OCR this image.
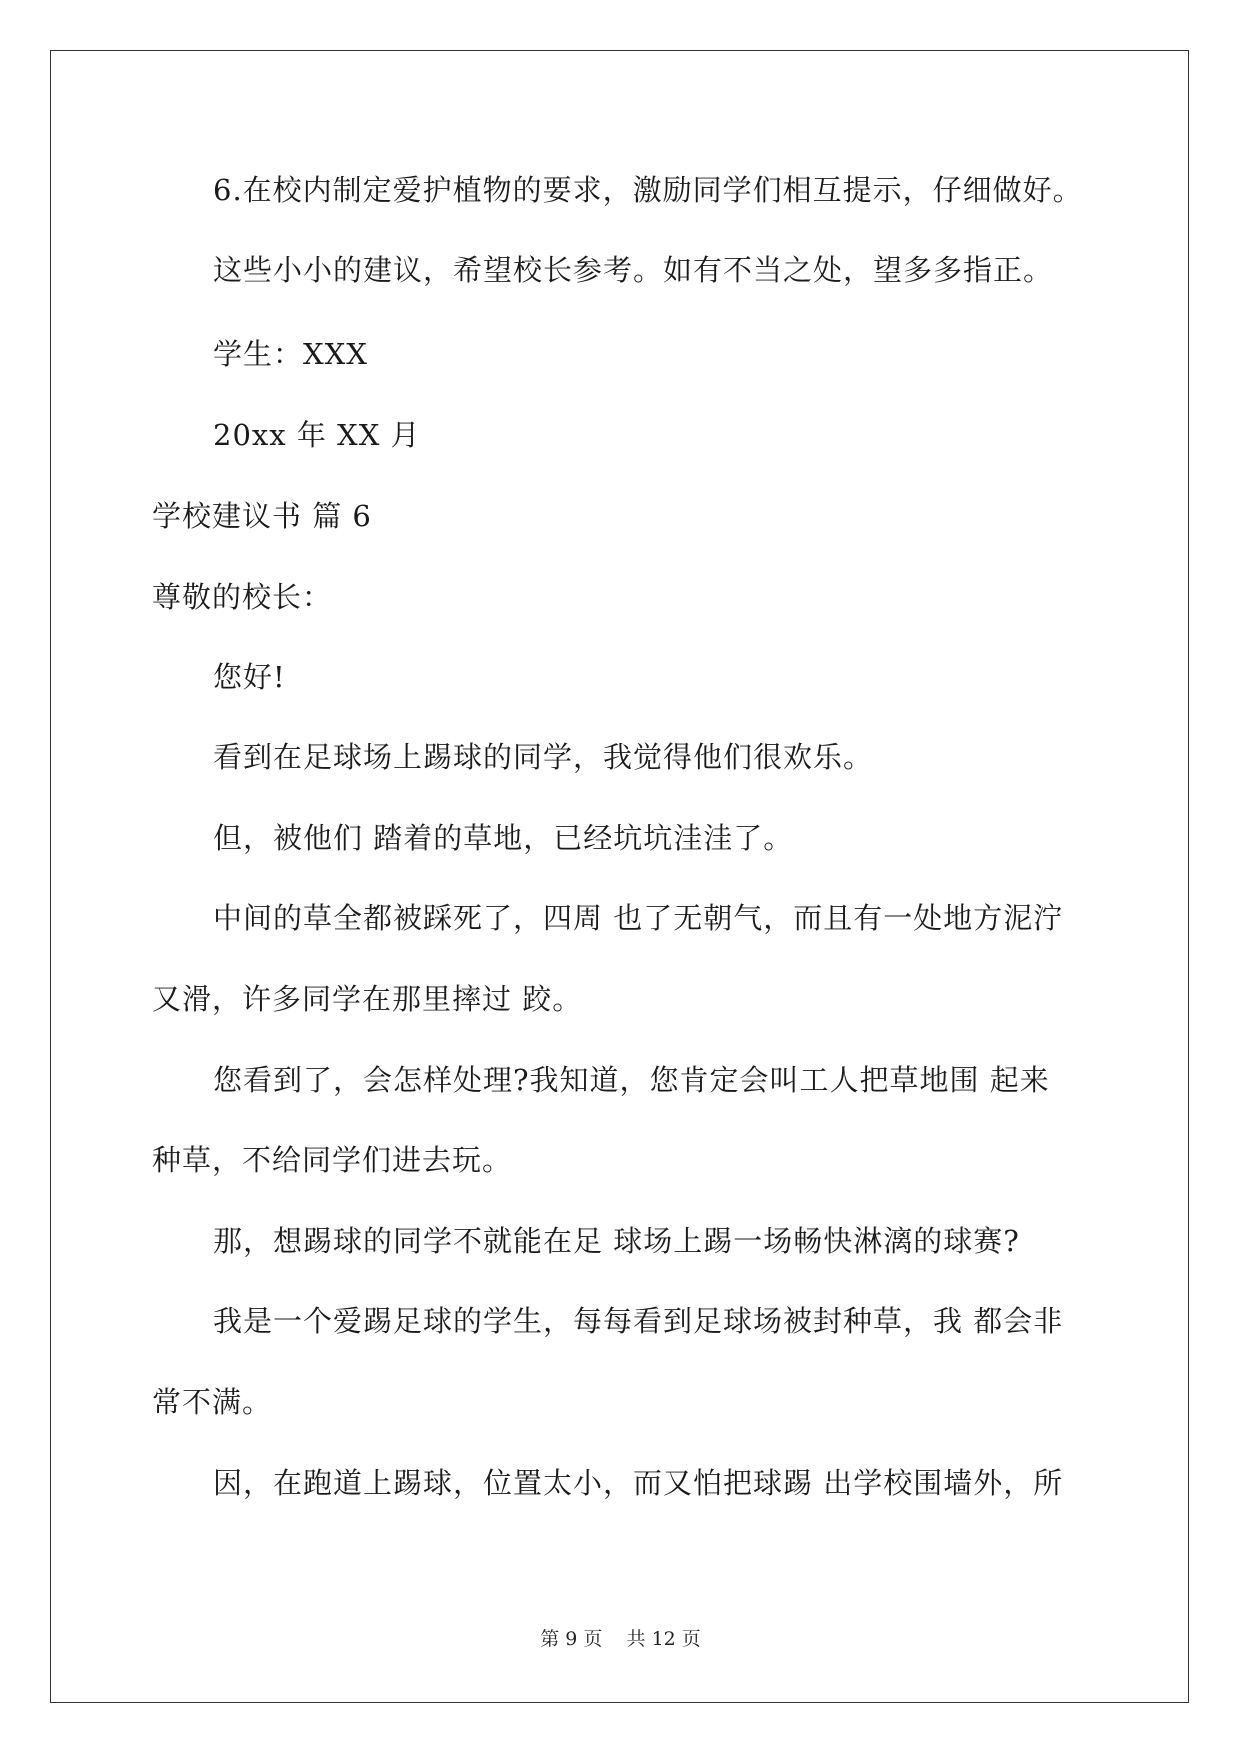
6.在校内制定爱护植物的要求，激励同学们相互提示，仔细做好。
这些小小的建议，希望校长参考。如有不当之处，望多多指正。
学生：XXX
20xx 年 XX 月
学校建议书 篇 6
尊敬的校长：
您好!
看到在足球场上踢球的同学，我觉得他们很欢乐。
但，被他们 踏着的草地，已经坑坑洼洼了。
中间的草全都被踩死了，四周 也了无朝气，而且有一处地方泥泞
又滑，许多同学在那里摔过 跤。
您看到了，会怎样处理?我知道，您肯定会叫工人把草地围 起来
种草，不给同学们进去玩。
那，想踢球的同学不就能在足 球场上踢一场畅快淋漓的球赛?
我是一个爱踢足球的学生，每每看到足球场被封种草，我 都会非
常不满。
因，在跑道上踢球，位置太小，而又怕把球踢 出学校围墙外，所
第 9 页 共 12 页
